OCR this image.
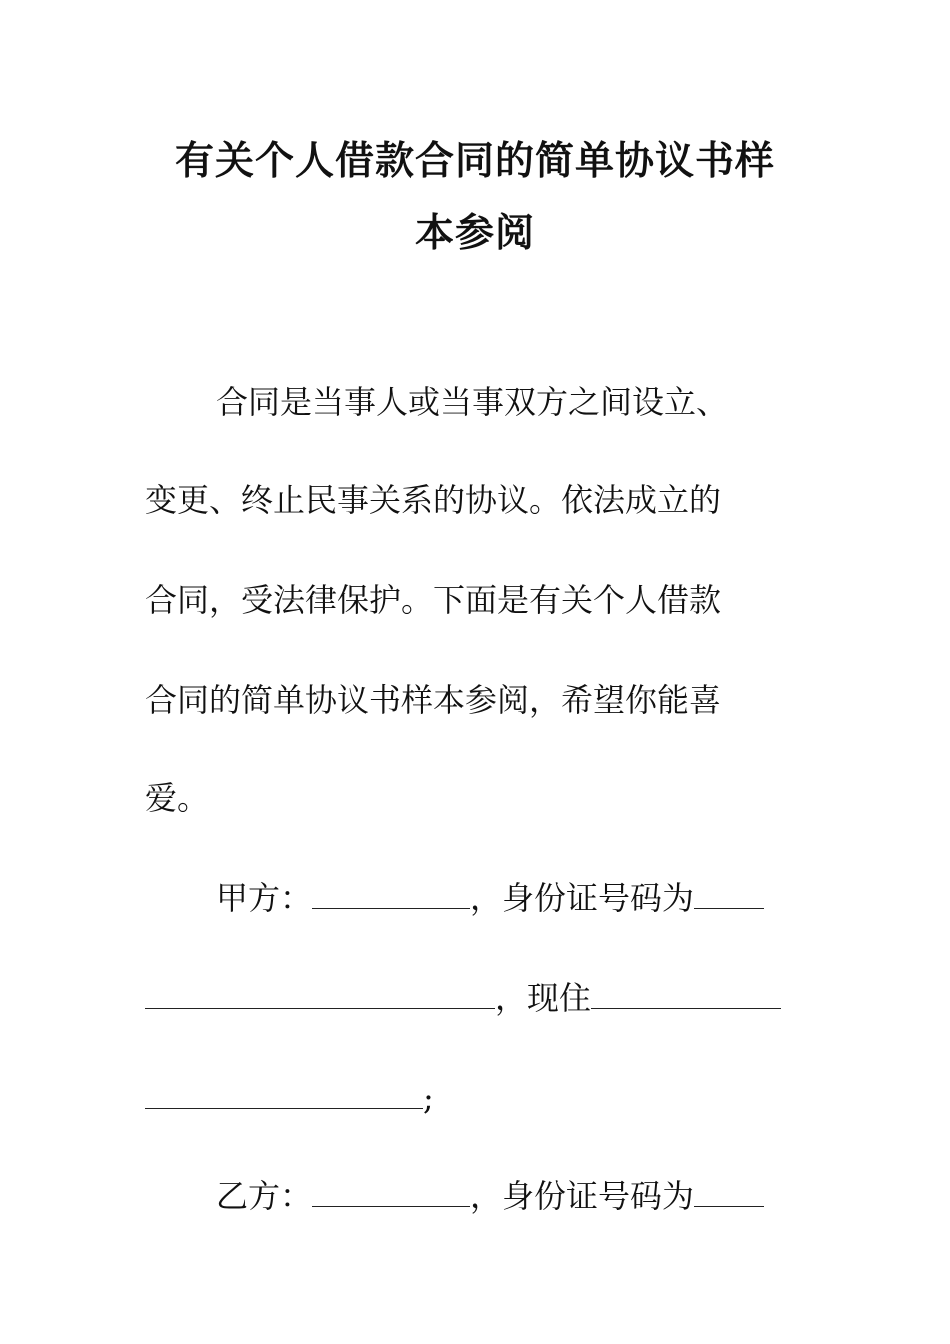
有关个人借款合同的简单协议书样
本参阅
合同是当事人或当事双方之间设立、
变更、终止民事关系的协议。依法成立的
合同，受法律保护。下面是有关个人借款
合同的简单协议书样本参阅，希望你能喜
爱。
甲方：	，身份证号码为
，现住
;
乙方：	，身份证号码为
